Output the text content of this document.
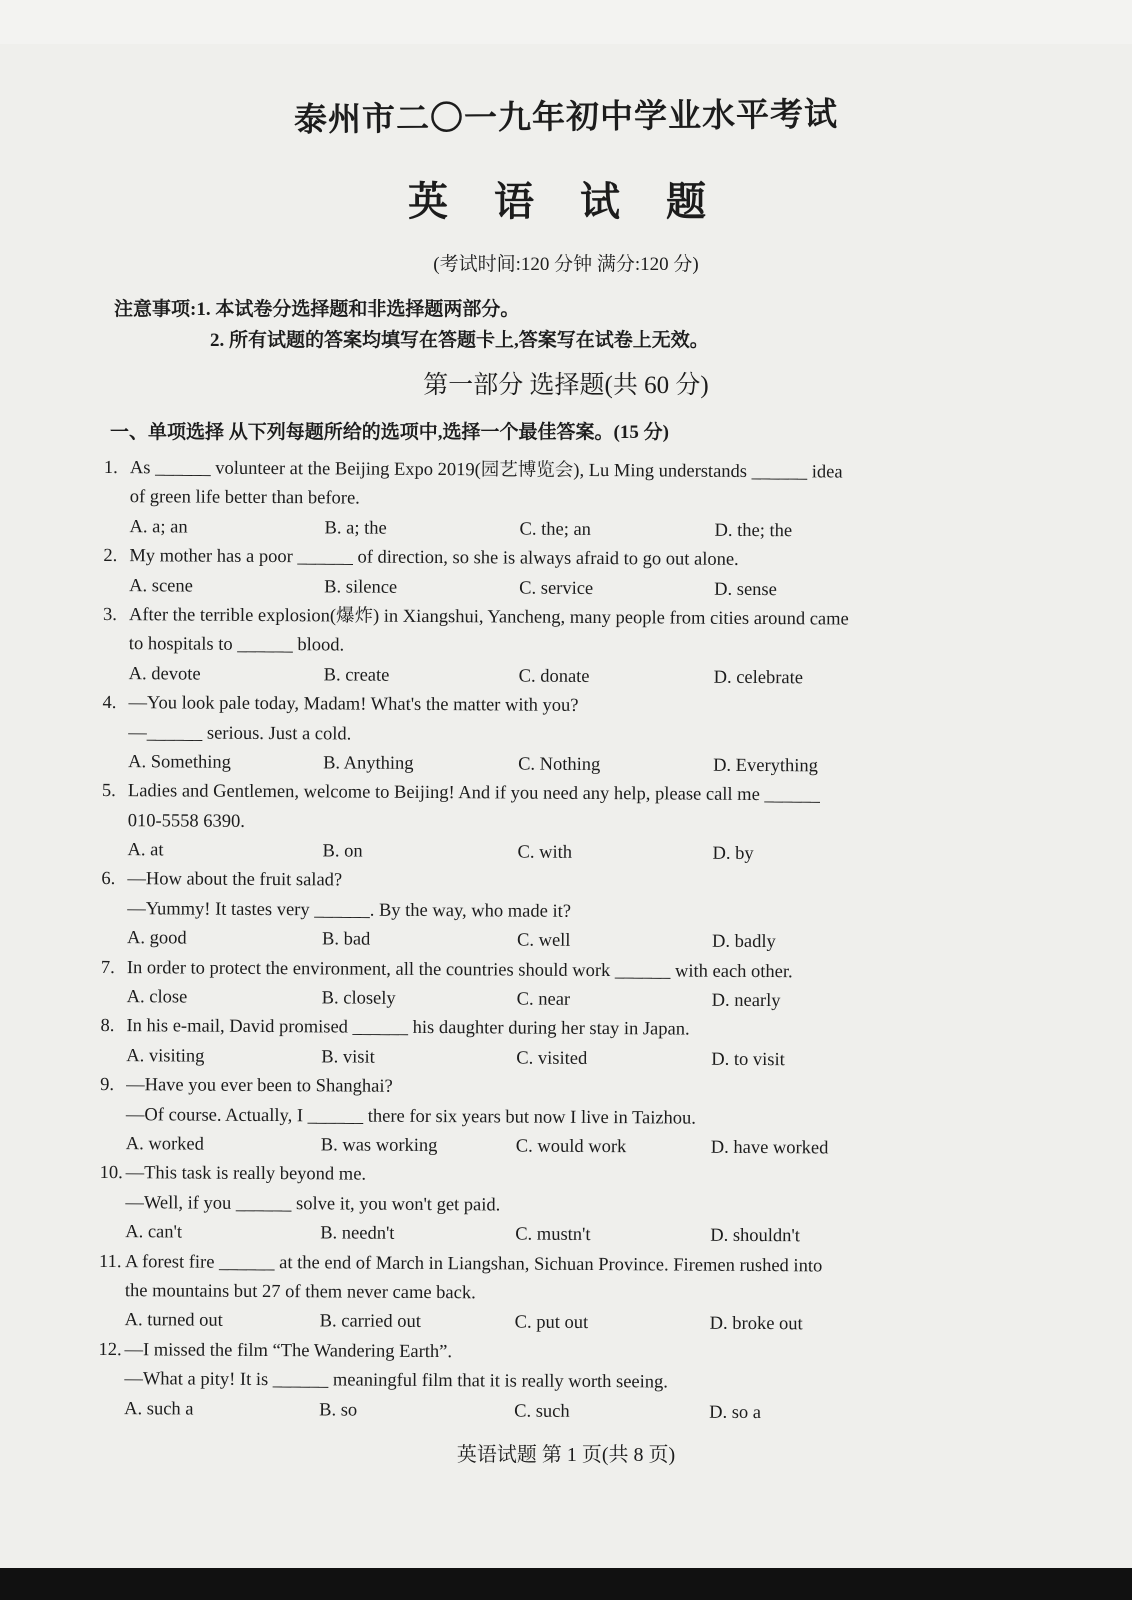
泰州市二〇一九年初中学业水平考试
英 语 试 题
(考试时间:120 分钟 满分:120 分)
注意事项:1. 本试卷分选择题和非选择题两部分。
2. 所有试题的答案均填写在答题卡上,答案写在试卷上无效。
第一部分 选择题(共 60 分)
一、单项选择 从下列每题所给的选项中,选择一个最佳答案。(15 分)
1. As ______ volunteer at the Beijing Expo 2019(园艺博览会), Lu Ming understands ______ idea
of green life better than before.
A. a; an	B. a; the	C. the; an	D. the; the
2. My mother has a poor ______ of direction, so she is always afraid to go out alone.
A. scene	B. silence	C. service	D. sense
3. After the terrible explosion(爆炸) in Xiangshui, Yancheng, many people from cities around came
to hospitals to ______ blood.
A. devote	B. create	C. donate	D. celebrate
4. —You look pale today, Madam! What's the matter with you?
—______ serious. Just a cold.
A. Something	B. Anything	C. Nothing	D. Everything
5. Ladies and Gentlemen, welcome to Beijing! And if you need any help, please call me ______
010-5558 6390.
A. at	B. on	C. with	D. by
6. —How about the fruit salad?
—Yummy! It tastes very ______. By the way, who made it?
A. good	B. bad	C. well	D. badly
7. In order to protect the environment, all the countries should work ______ with each other.
A. close	B. closely	C. near	D. nearly
8. In his e-mail, David promised ______ his daughter during her stay in Japan.
A. visiting	B. visit	C. visited	D. to visit
9. —Have you ever been to Shanghai?
—Of course. Actually, I ______ there for six years but now I live in Taizhou.
A. worked	B. was working	C. would work	D. have worked
10. —This task is really beyond me.
—Well, if you ______ solve it, you won't get paid.
A. can't	B. needn't	C. mustn't	D. shouldn't
11. A forest fire ______ at the end of March in Liangshan, Sichuan Province. Firemen rushed into
the mountains but 27 of them never came back.
A. turned out	B. carried out	C. put out	D. broke out
12. —I missed the film “The Wandering Earth”.
—What a pity! It is ______ meaningful film that it is really worth seeing.
A. such a	B. so	C. such	D. so a
英语试题 第 1 页(共 8 页)
